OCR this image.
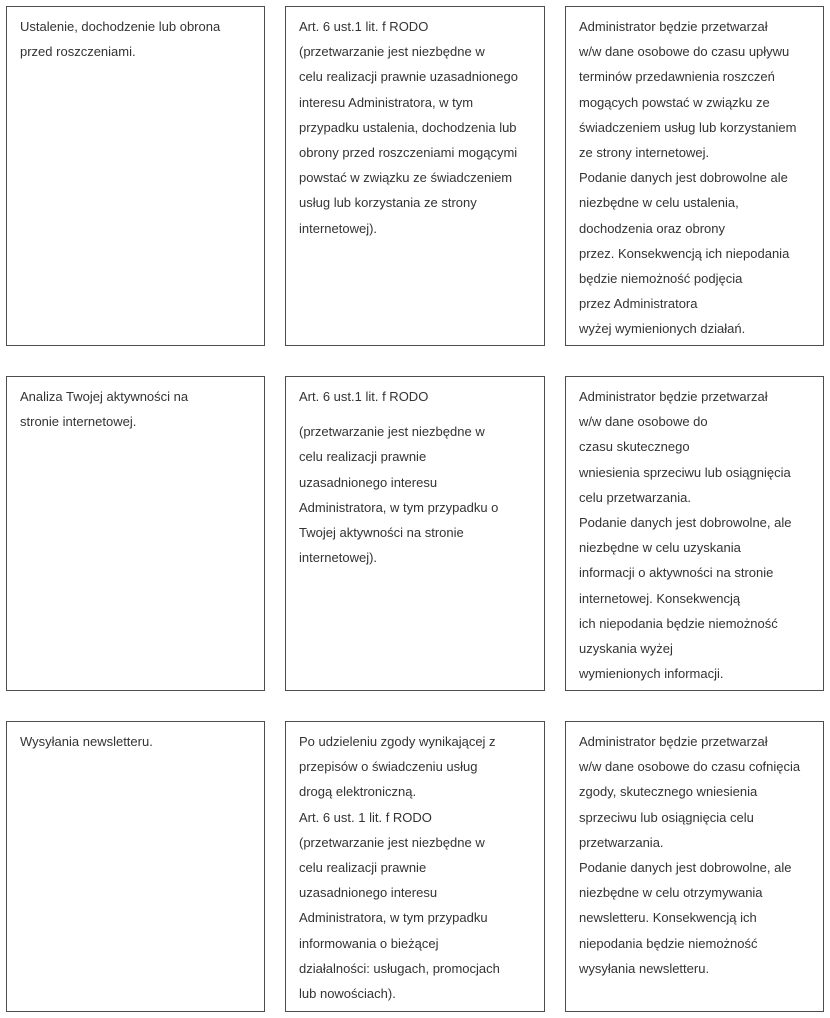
Ustalenie, dochodzenie lub obrona
przed roszczeniami.
Art. 6 ust.1 lit. f RODO
(przetwarzanie jest niezbędne w
celu realizacji prawnie uzasadnionego
interesu Administratora, w tym
przypadku ustalenia, dochodzenia lub
obrony przed roszczeniami mogącymi
powstać w związku ze świadczeniem
usług lub korzystania ze strony
internetowej).
Administrator będzie przetwarzał
w/w dane osobowe do czasu upływu
terminów przedawnienia roszczeń
mogących powstać w związku ze
świadczeniem usług lub korzystaniem
ze strony internetowej.
Podanie danych jest dobrowolne ale
niezbędne w celu ustalenia,
dochodzenia oraz obrony
przez. Konsekwencją ich niepodania
będzie niemożność podjęcia
przez Administratora
wyżej wymienionych działań.
Analiza Twojej aktywności na
stronie internetowej.
Art. 6 ust.1 lit. f RODO
(przetwarzanie jest niezbędne w
celu realizacji prawnie
uzasadnionego interesu
Administratora, w tym przypadku o
Twojej aktywności na stronie
internetowej).
Administrator będzie przetwarzał
w/w dane osobowe do
czasu skutecznego
wniesienia sprzeciwu lub osiągnięcia
celu przetwarzania.
Podanie danych jest dobrowolne, ale
niezbędne w celu uzyskania
informacji o aktywności na stronie
internetowej. Konsekwencją
ich niepodania będzie niemożność
uzyskania wyżej
wymienionych informacji.
Wysyłania newsletteru.	Po udzieleniu zgody wynikającej z
przepisów o świadczeniu usług
drogą elektroniczną.
Art. 6 ust. 1 lit. f RODO
(przetwarzanie jest niezbędne w
celu realizacji prawnie
uzasadnionego interesu
Administratora, w tym przypadku
informowania o bieżącej
działalności: usługach, promocjach
lub nowościach).
Administrator będzie przetwarzał
w/w dane osobowe do czasu cofnięcia
zgody, skutecznego wniesienia
sprzeciwu lub osiągnięcia celu
przetwarzania.
Podanie danych jest dobrowolne, ale
niezbędne w celu otrzymywania
newsletteru. Konsekwencją ich
niepodania będzie niemożność
wysyłania newsletteru.
